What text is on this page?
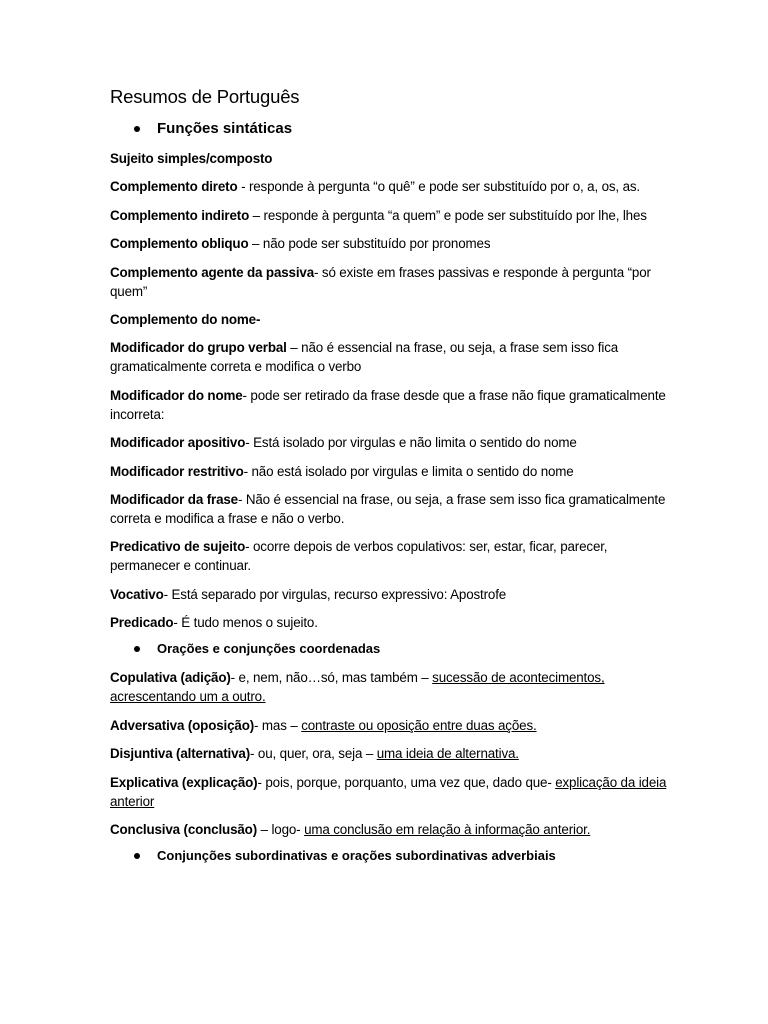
Resumos de Português
Funções sintáticas

Sujeito simples/composto

Complemento direto - responde à pergunta “o quê” e pode ser substituído por o, a, os, as.

Complemento indireto – responde à pergunta “a quem” e pode ser substituído por lhe, lhes

Complemento obliquo – não pode ser substituído por pronomes

Complemento agente da passiva- só existe em frases passivas e responde à pergunta “por quem”

Complemento do nome-

Modificador do grupo verbal – não é essencial na frase, ou seja, a frase sem isso fica gramaticalmente correta e modifica o verbo

Modificador do nome- pode ser retirado da frase desde que a frase não fique gramaticalmente incorreta:

Modificador apositivo- Está isolado por virgulas e não limita o sentido do nome

Modificador restritivo- não está isolado por virgulas e limita o sentido do nome

Modificador da frase- Não é essencial na frase, ou seja, a frase sem isso fica gramaticalmente correta e modifica a frase e não o verbo.

Predicativo de sujeito- ocorre depois de verbos copulativos: ser, estar, ficar, parecer, permanecer e continuar.

Vocativo- Está separado por virgulas, recurso expressivo: Apostrofe

Predicado- É tudo menos o sujeito.

Orações e conjunções coordenadas

Copulativa (adição)- e, nem, não…só, mas também – sucessão de acontecimentos, acrescentando um a outro.

Adversativa (oposição)- mas – contraste ou oposição entre duas ações.

Disjuntiva (alternativa)- ou, quer, ora, seja – uma ideia de alternativa.

Explicativa (explicação)- pois, porque, porquanto, uma vez que, dado que- explicação da ideia anterior

Conclusiva (conclusão) – logo- uma conclusão em relação à informação anterior.

Conjunções subordinativas e orações subordinativas adverbiais
